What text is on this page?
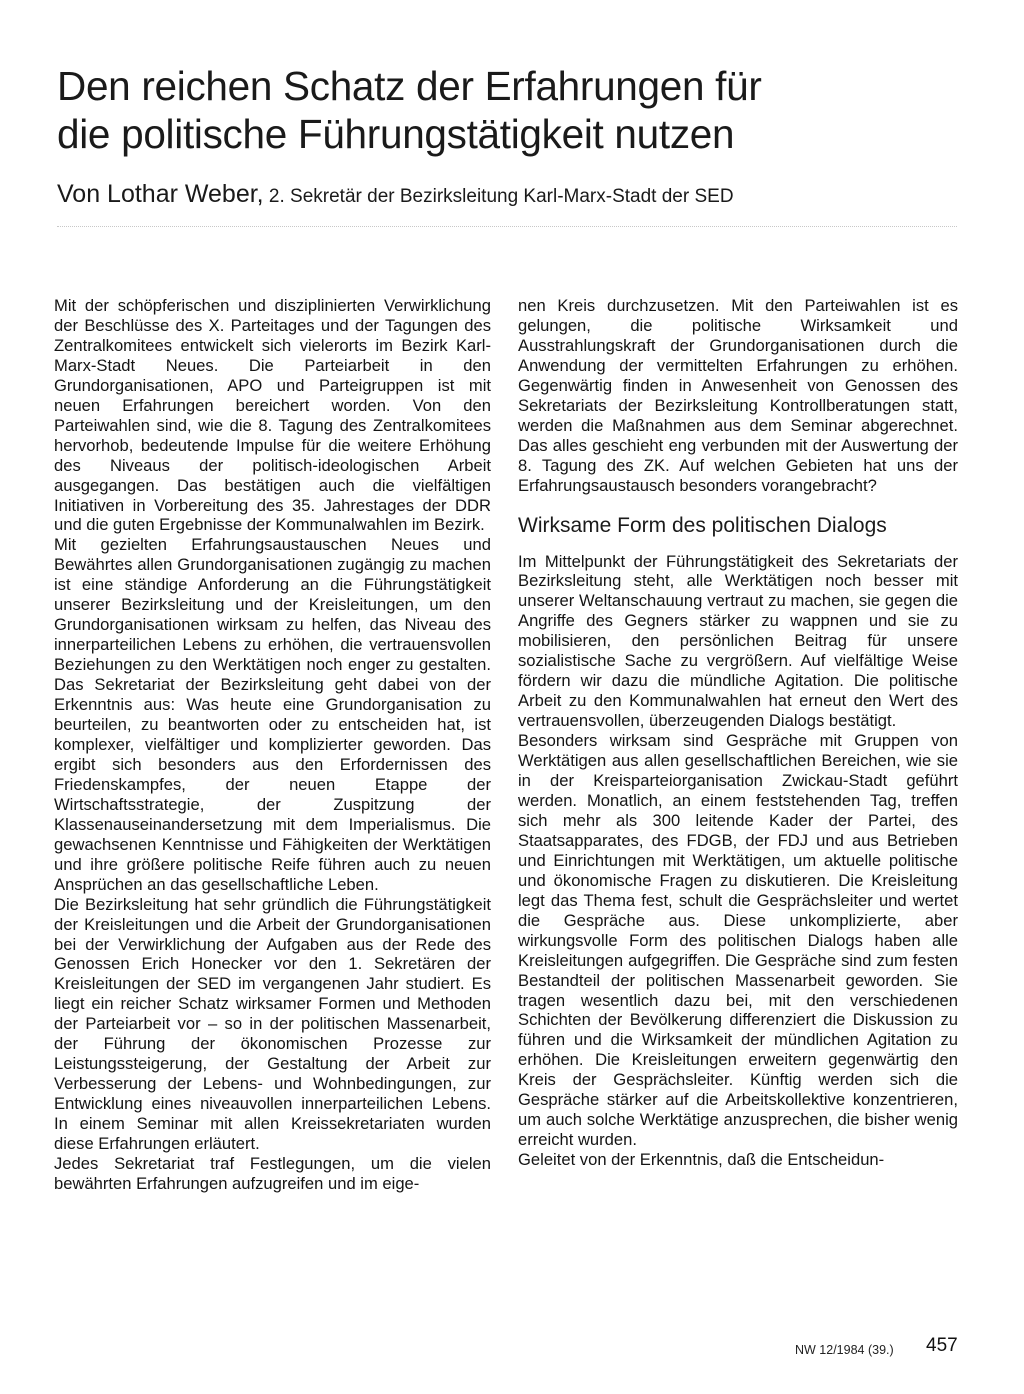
Den reichen Schatz der Erfahrungen für
die politische Führungstätigkeit nutzen
Von Lothar Weber, 2. Sekretär der Bezirksleitung Karl-Marx-Stadt der SED

Mit der schöpferischen und disziplinierten Verwirklichung der Beschlüsse des X. Parteitages und der Tagungen des Zentralkomitees entwickelt sich vielerorts im Bezirk Karl-Marx-Stadt Neues. Die Parteiarbeit in den Grundorganisationen, APO und Parteigruppen ist mit neuen Erfahrungen bereichert worden. Von den Parteiwahlen sind, wie die 8. Tagung des Zentralkomitees hervorhob, bedeutende Impulse für die weitere Erhöhung des Niveaus der politisch-ideologischen Arbeit ausgegangen. Das bestätigen auch die vielfältigen Initiativen in Vorbereitung des 35. Jahrestages der DDR und die guten Ergebnisse der Kommunalwahlen im Bezirk.

Mit gezielten Erfahrungsaustauschen Neues und Bewährtes allen Grundorganisationen zugängig zu machen ist eine ständige Anforderung an die Führungstätigkeit unserer Bezirksleitung und der Kreisleitungen, um den Grundorganisationen wirksam zu helfen, das Niveau des innerparteilichen Lebens zu erhöhen, die vertrauensvollen Beziehungen zu den Werktätigen noch enger zu gestalten. Das Sekretariat der Bezirksleitung geht dabei von der Erkenntnis aus: Was heute eine Grundorganisation zu beurteilen, zu beantworten oder zu entscheiden hat, ist komplexer, vielfältiger und komplizierter geworden. Das ergibt sich besonders aus den Erfordernissen des Friedenskampfes, der neuen Etappe der Wirtschaftsstrategie, der Zuspitzung der Klassenauseinandersetzung mit dem Imperialismus. Die gewachsenen Kenntnisse und Fähigkeiten der Werktätigen und ihre größere politische Reife führen auch zu neuen Ansprüchen an das gesellschaftliche Leben.

Die Bezirksleitung hat sehr gründlich die Führungstätigkeit der Kreisleitungen und die Arbeit der Grundorganisationen bei der Verwirklichung der Aufgaben aus der Rede des Genossen Erich Honecker vor den 1. Sekretären der Kreisleitungen der SED im vergangenen Jahr studiert. Es liegt ein reicher Schatz wirksamer Formen und Methoden der Parteiarbeit vor – so in der politischen Massenarbeit, der Führung der ökonomischen Prozesse zur Leistungssteigerung, der Gestaltung der Arbeit zur Verbesserung der Lebens- und Wohnbedingungen, zur Entwicklung eines niveauvollen innerparteilichen Lebens. In einem Seminar mit allen Kreissekretariaten wurden diese Erfahrungen erläutert.

Jedes Sekretariat traf Festlegungen, um die vielen bewährten Erfahrungen aufzugreifen und im eige-

nen Kreis durchzusetzen. Mit den Parteiwahlen ist es gelungen, die politische Wirksamkeit und Ausstrahlungskraft der Grundorganisationen durch die Anwendung der vermittelten Erfahrungen zu erhöhen. Gegenwärtig finden in Anwesenheit von Genossen des Sekretariats der Bezirksleitung Kontrollberatungen statt, werden die Maßnahmen aus dem Seminar abgerechnet. Das alles geschieht eng verbunden mit der Auswertung der 8. Tagung des ZK. Auf welchen Gebieten hat uns der Erfahrungsaustausch besonders vorangebracht?

Wirksame Form des politischen Dialogs

Im Mittelpunkt der Führungstätigkeit des Sekretariats der Bezirksleitung steht, alle Werktätigen noch besser mit unserer Weltanschauung vertraut zu machen, sie gegen die Angriffe des Gegners stärker zu wappnen und sie zu mobilisieren, den persönlichen Beitrag für unsere sozialistische Sache zu vergrößern. Auf vielfältige Weise fördern wir dazu die mündliche Agitation. Die politische Arbeit zu den Kommunalwahlen hat erneut den Wert des vertrauensvollen, überzeugenden Dialogs bestätigt.

Besonders wirksam sind Gespräche mit Gruppen von Werktätigen aus allen gesellschaftlichen Bereichen, wie sie in der Kreisparteiorganisation Zwickau-Stadt geführt werden. Monatlich, an einem feststehenden Tag, treffen sich mehr als 300 leitende Kader der Partei, des Staatsapparates, des FDGB, der FDJ und aus Betrieben und Einrichtungen mit Werktätigen, um aktuelle politische und ökonomische Fragen zu diskutieren. Die Kreisleitung legt das Thema fest, schult die Gesprächsleiter und wertet die Gespräche aus. Diese unkomplizierte, aber wirkungsvolle Form des politischen Dialogs haben alle Kreisleitungen aufgegriffen. Die Gespräche sind zum festen Bestandteil der politischen Massenarbeit geworden. Sie tragen wesentlich dazu bei, mit den verschiedenen Schichten der Bevölkerung differenziert die Diskussion zu führen und die Wirksamkeit der mündlichen Agitation zu erhöhen. Die Kreisleitungen erweitern gegenwärtig den Kreis der Gesprächsleiter. Künftig werden sich die Gespräche stärker auf die Arbeitskollektive konzentrieren, um auch solche Werktätige anzusprechen, die bisher wenig erreicht wurden.

Geleitet von der Erkenntnis, daß die Entscheidun-

NW 12/1984 (39.) 457
